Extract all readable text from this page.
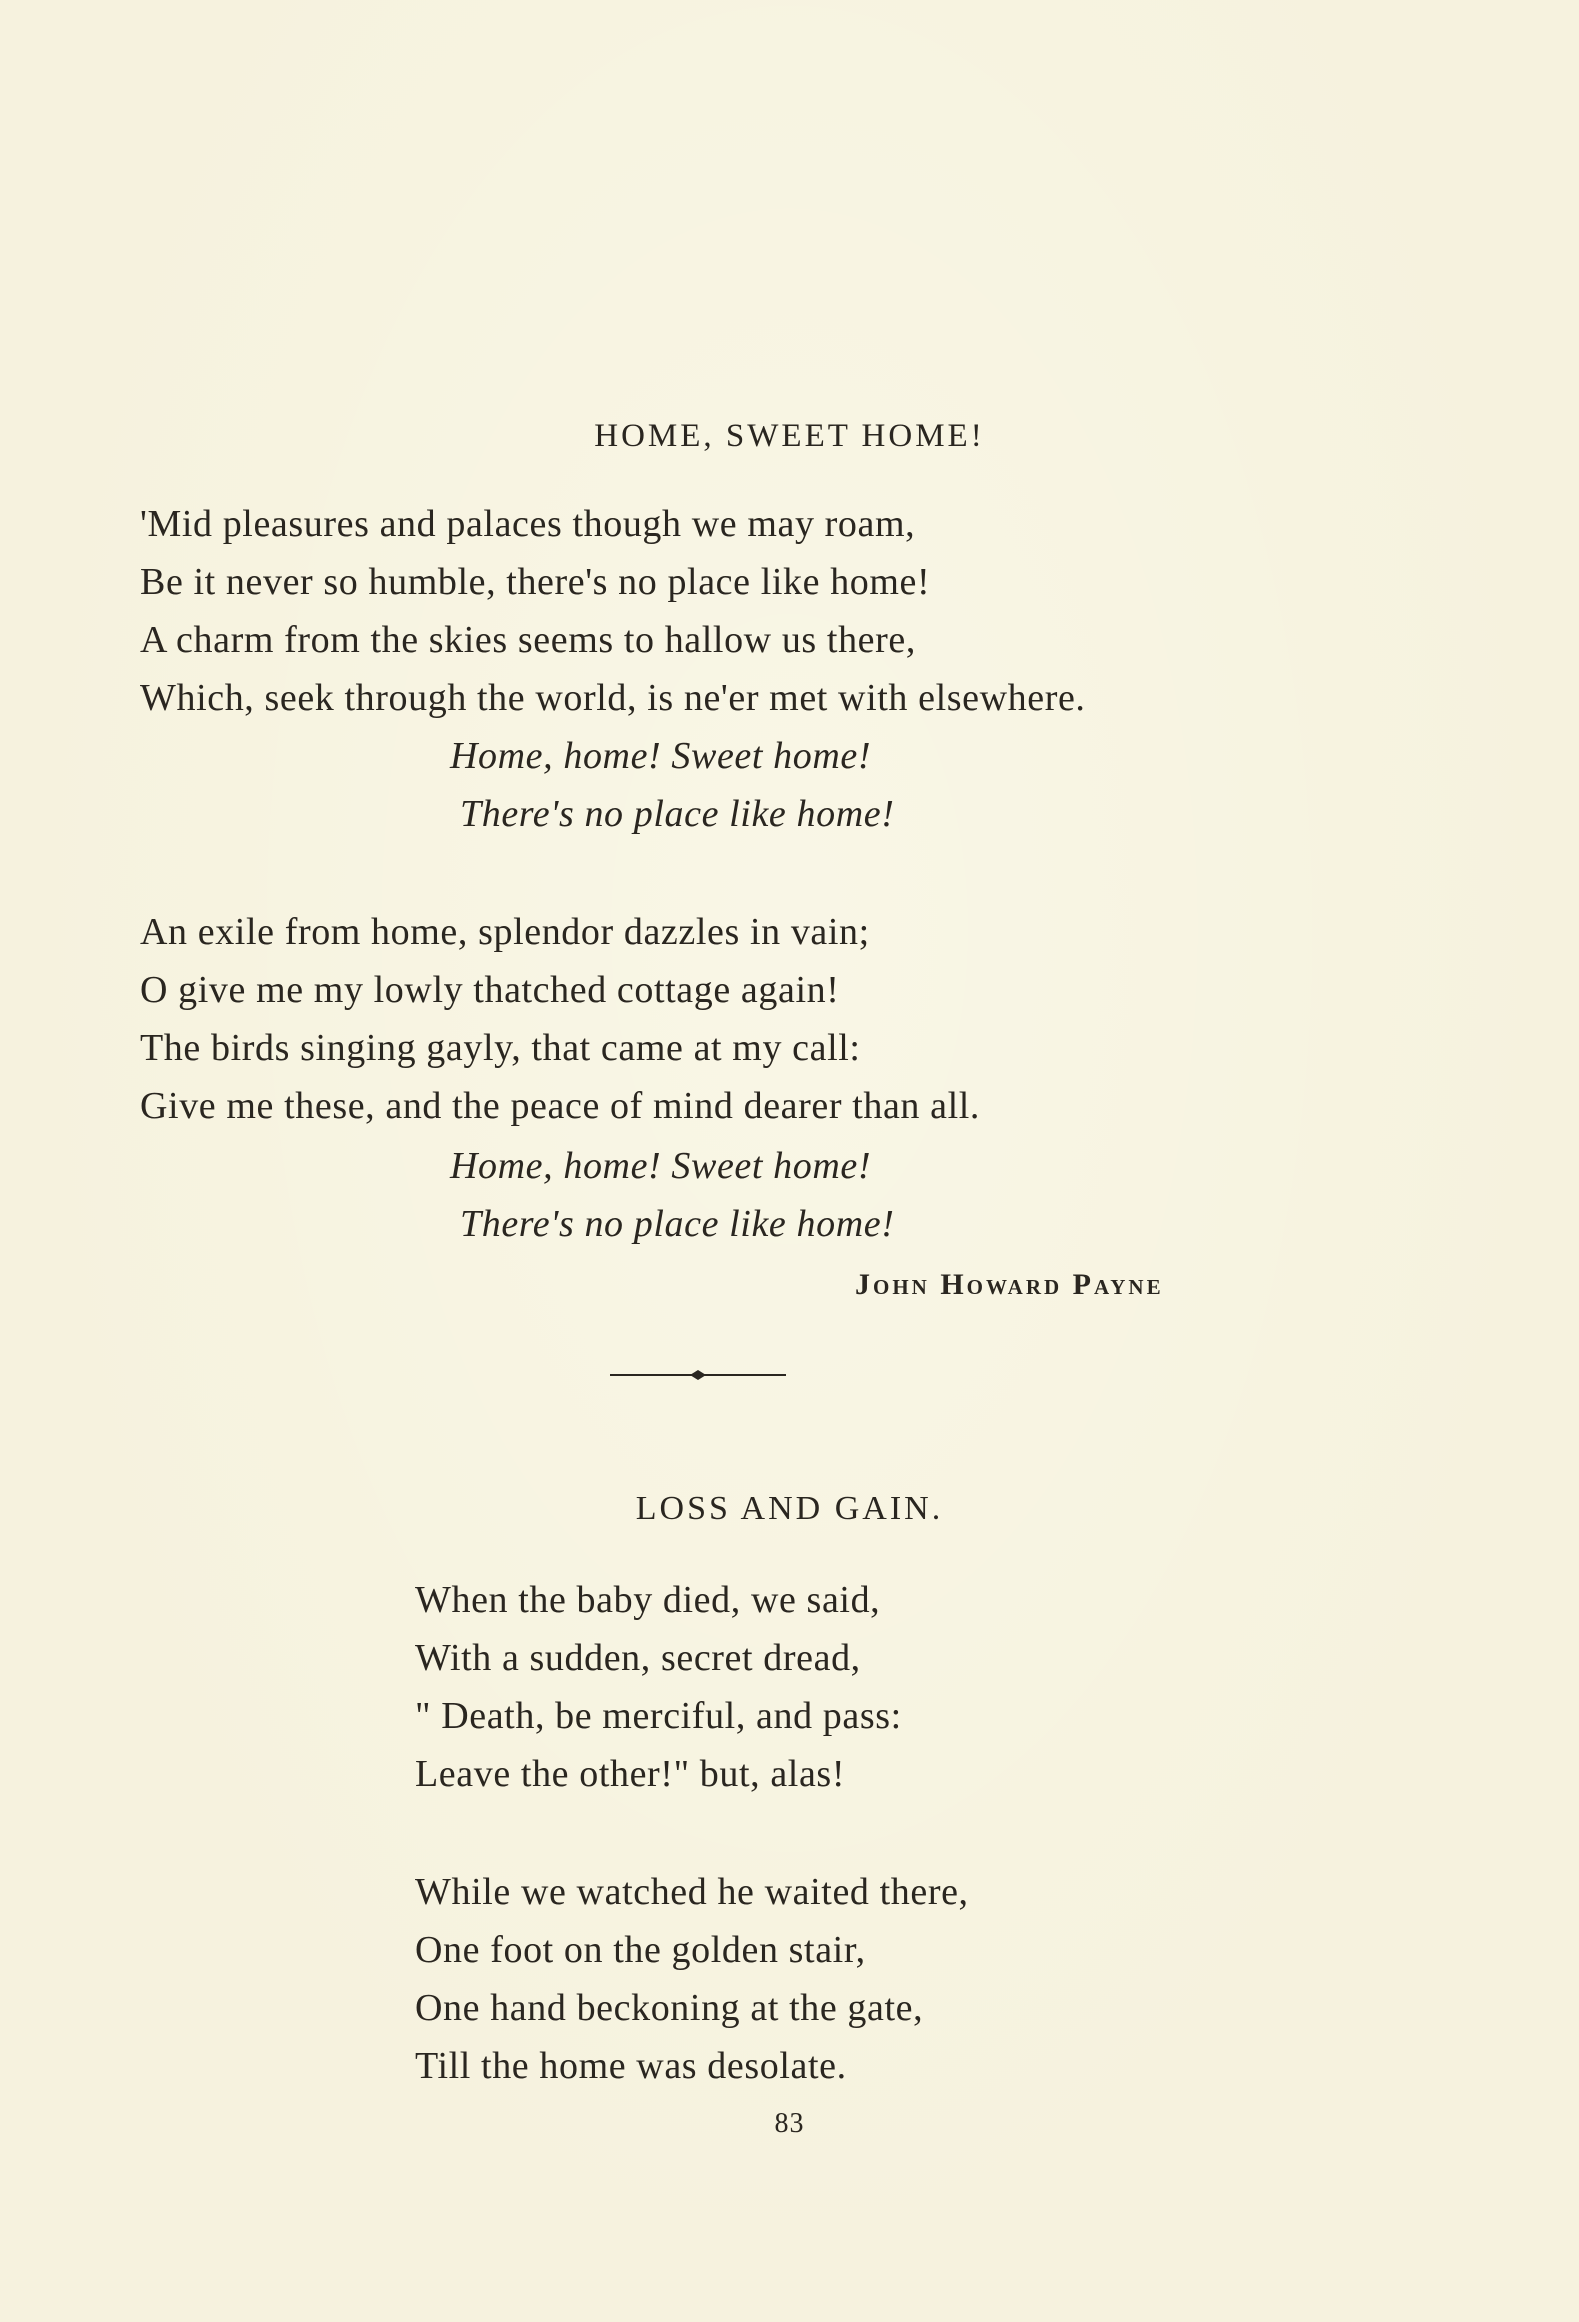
HOME, SWEET HOME!
'Mid pleasures and palaces though we may roam,
Be it never so humble, there's no place like home!
A charm from the skies seems to hallow us there,
Which, seek through the world, is ne'er met with elsewhere.
Home, home! Sweet home!
There's no place like home!
An exile from home, splendor dazzles in vain;
O give me my lowly thatched cottage again!
The birds singing gayly, that came at my call:
Give me these, and the peace of mind dearer than all.
Home, home! Sweet home!
There's no place like home!
John Howard Payne
LOSS AND GAIN.
When the baby died, we said,
With a sudden, secret dread,
" Death, be merciful, and pass:
Leave the other!" but, alas!
While we watched he waited there,
One foot on the golden stair,
One hand beckoning at the gate,
Till the home was desolate.
83
